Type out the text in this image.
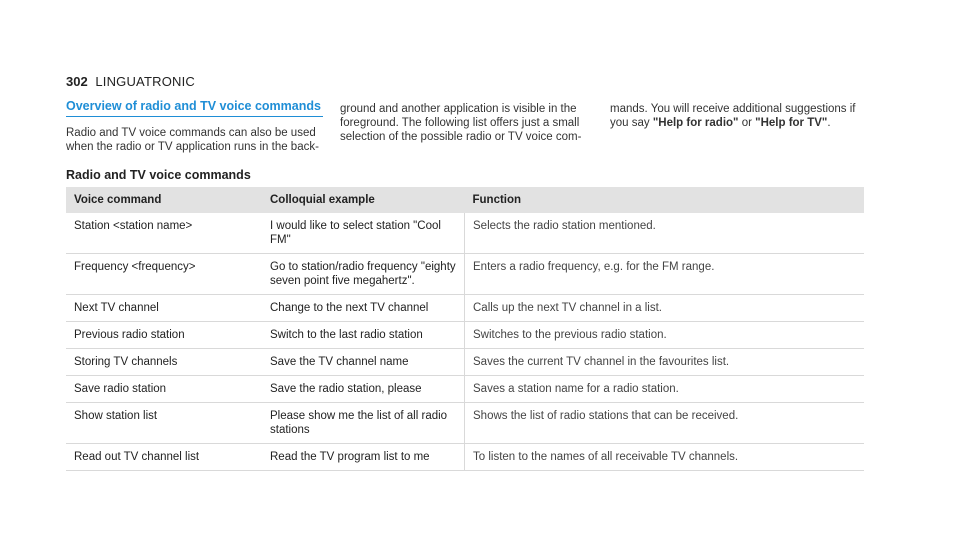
302 LINGUATRONIC
Overview of radio and TV voice commands
Radio and TV voice commands can also be used when the radio or TV application runs in the back-
ground and another application is visible in the foreground. The following list offers just a small selection of the possible radio or TV voice com-
mands. You will receive additional suggestions if you say "Help for radio" or "Help for TV".
Radio and TV voice commands
Voice command	Colloquial example	Function
Station <station name>	I would like to select station "Cool FM"	Selects the radio station mentioned.
Frequency <frequency>	Go to station/radio frequency "eighty seven point five megahertz".	Enters a radio frequency, e.g. for the FM range.
Next TV channel	Change to the next TV channel	Calls up the next TV channel in a list.
Previous radio station	Switch to the last radio station	Switches to the previous radio station.
Storing TV channels	Save the TV channel name	Saves the current TV channel in the favourites list.
Save radio station	Save the radio station, please	Saves a station name for a radio station.
Show station list	Please show me the list of all radio stations	Shows the list of radio stations that can be received.
Read out TV channel list	Read the TV program list to me	To listen to the names of all receivable TV channels.
